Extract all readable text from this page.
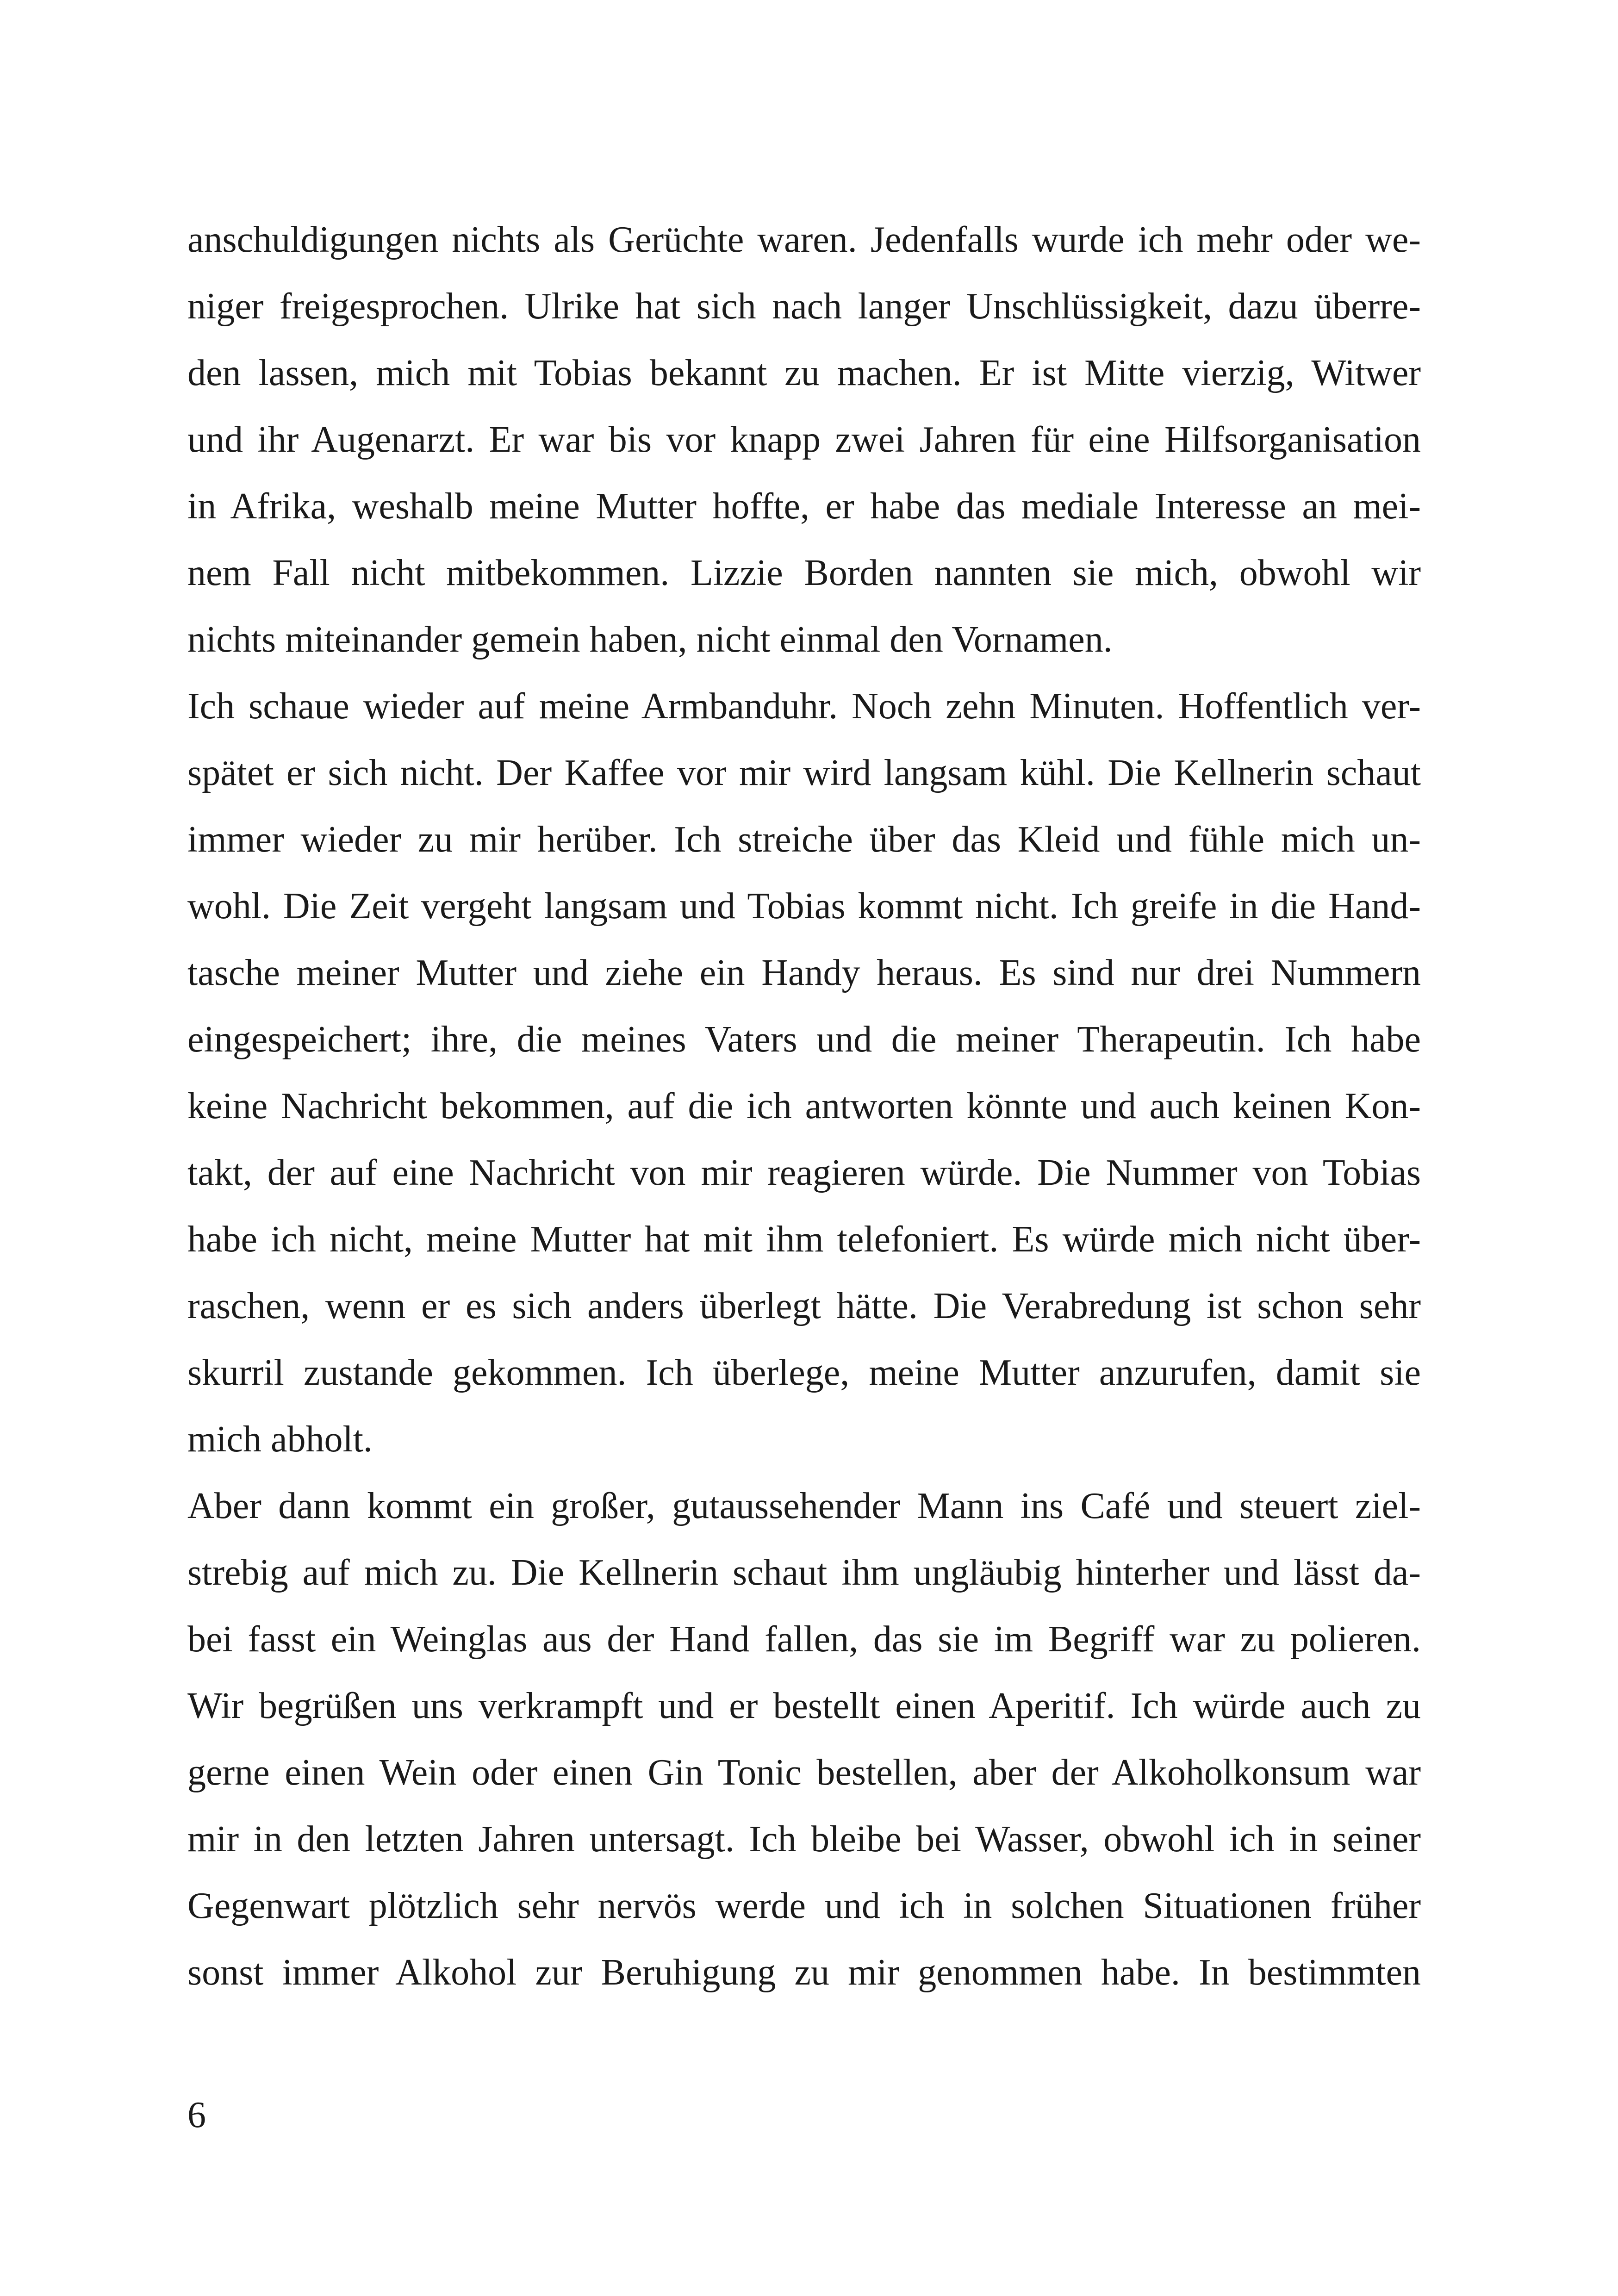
anschuldigungen nichts als Gerüchte waren. Jedenfalls wurde ich mehr oder we-
niger freigesprochen. Ulrike hat sich nach langer Unschlüssigkeit, dazu überre-
den lassen, mich mit Tobias bekannt zu machen. Er ist Mitte vierzig, Witwer
und ihr Augenarzt. Er war bis vor knapp zwei Jahren für eine Hilfsorganisation
in Afrika, weshalb meine Mutter hoffte, er habe das mediale Interesse an mei-
nem Fall nicht mitbekommen. Lizzie Borden nannten sie mich, obwohl wir
nichts miteinander gemein haben, nicht einmal den Vornamen.
Ich schaue wieder auf meine Armbanduhr. Noch zehn Minuten. Hoffentlich ver-
spätet er sich nicht. Der Kaffee vor mir wird langsam kühl. Die Kellnerin schaut
immer wieder zu mir herüber. Ich streiche über das Kleid und fühle mich un-
wohl. Die Zeit vergeht langsam und Tobias kommt nicht. Ich greife in die Hand-
tasche meiner Mutter und ziehe ein Handy heraus. Es sind nur drei Nummern
eingespeichert; ihre, die meines Vaters und die meiner Therapeutin. Ich habe
keine Nachricht bekommen, auf die ich antworten könnte und auch keinen Kon-
takt, der auf eine Nachricht von mir reagieren würde. Die Nummer von Tobias
habe ich nicht, meine Mutter hat mit ihm telefoniert. Es würde mich nicht über-
raschen, wenn er es sich anders überlegt hätte. Die Verabredung ist schon sehr
skurril zustande gekommen. Ich überlege, meine Mutter anzurufen, damit sie
mich abholt.
Aber dann kommt ein großer, gutaussehender Mann ins Café und steuert ziel-
strebig auf mich zu. Die Kellnerin schaut ihm ungläubig hinterher und lässt da-
bei fasst ein Weinglas aus der Hand fallen, das sie im Begriff war zu polieren.
Wir begrüßen uns verkrampft und er bestellt einen Aperitif. Ich würde auch zu
gerne einen Wein oder einen Gin Tonic bestellen, aber der Alkoholkonsum war
mir in den letzten Jahren untersagt. Ich bleibe bei Wasser, obwohl ich in seiner
Gegenwart plötzlich sehr nervös werde und ich in solchen Situationen früher
sonst immer Alkohol zur Beruhigung zu mir genommen habe. In bestimmten
6
